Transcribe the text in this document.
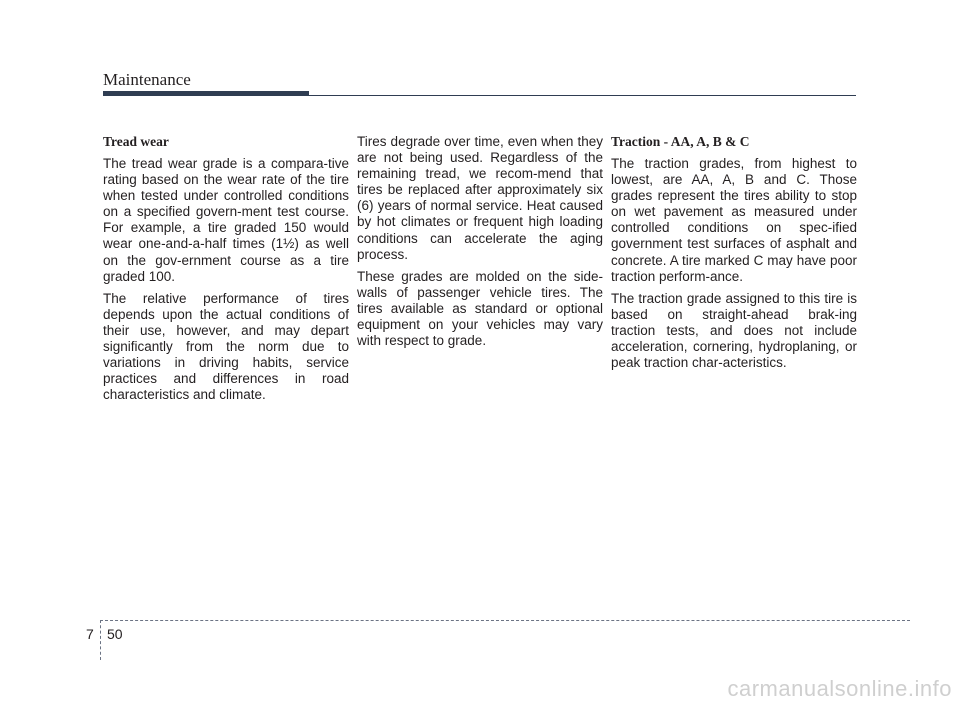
Maintenance
Tread wear

The tread wear grade is a compara-tive rating based on the wear rate of the tire when tested under controlled conditions on a specified govern-ment test course. For example, a tire graded 150 would wear one-and-a-half times (1½) as well on the gov-ernment course as a tire graded 100.

The relative performance of tires depends upon the actual conditions of their use, however, and may depart significantly from the norm due to variations in driving habits, service practices and differences in road characteristics and climate.

Tires degrade over time, even when they are not being used. Regardless of the remaining tread, we recom-mend that tires be replaced after approximately six (6) years of normal service. Heat caused by hot climates or frequent high loading conditions can accelerate the aging process.

These grades are molded on the side-walls of passenger vehicle tires. The tires available as standard or optional equipment on your vehicles may vary with respect to grade.

Traction - AA, A, B & C

The traction grades, from highest to lowest, are AA, A, B and C. Those grades represent the tires ability to stop on wet pavement as measured under controlled conditions on spec-ified government test surfaces of asphalt and concrete. A tire marked C may have poor traction perform-ance.

The traction grade assigned to this tire is based on straight-ahead brak-ing traction tests, and does not include acceleration, cornering, hydroplaning, or peak traction char-acteristics.

7 50
carmanualsonline.info
